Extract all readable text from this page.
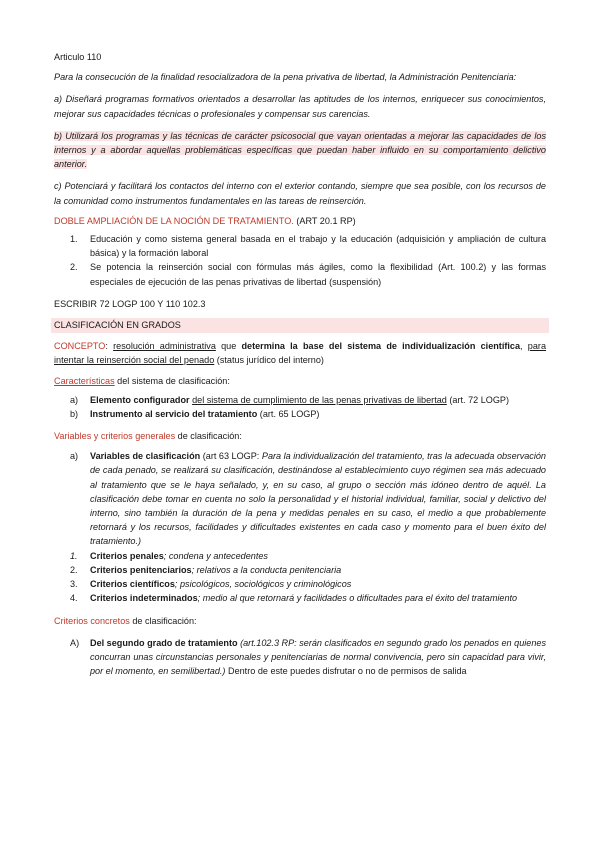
Articulo 110

Para la consecución de la finalidad resocializadora de la pena privativa de libertad, la Administración Penitenciaria:

a) Diseñará programas formativos orientados a desarrollar las aptitudes de los internos, enriquecer sus conocimientos, mejorar sus capacidades técnicas o profesionales y compensar sus carencias.

b) Utilizará los programas y las técnicas de carácter psicosocial que vayan orientadas a mejorar las capacidades de los internos y a abordar aquellas problemáticas específicas que puedan haber influido en su comportamiento delictivo anterior.

c) Potenciará y facilitará los contactos del interno con el exterior contando, siempre que sea posible, con los recursos de la comunidad como instrumentos fundamentales en las tareas de reinserción.

DOBLE AMPLIACIÓN DE LA NOCIÓN DE TRATAMIENTO. (ART 20.1 RP)

1.	Educación y como sistema general basada en el trabajo y la educación (adquisición y ampliación de cultura básica) y la formación laboral
2.	Se potencia la reinserción social con fórmulas más ágiles, como la flexibilidad (Art. 100.2) y las formas especiales de ejecución de las penas privativas de libertad (suspensión)

ESCRIBIR 72 LOGP 100 Y 110 102.3

CLASIFICACIÓN EN GRADOS

CONCEPTO: resolución administrativa que determina la base del sistema de individualización científica, para intentar la reinserción social del penado (status jurídico del interno)

Características del sistema de clasificación:

a)	Elemento configurador del sistema de cumplimiento de las penas privativas de libertad (art. 72 LOGP)
b)	Instrumento al servicio del tratamiento (art. 65 LOGP)

Variables y criterios generales de clasificación:

a)	Variables de clasificación (art 63 LOGP: Para la individualización del tratamiento, tras la adecuada observación de cada penado, se realizará su clasificación, destinándose al establecimiento cuyo régimen sea más adecuado al tratamiento que se le haya señalado, y, en su caso, al grupo o sección más idóneo dentro de aquél. La clasificación debe tomar en cuenta no solo la personalidad y el historial individual, familiar, social y delictivo del interno, sino también la duración de la pena y medidas penales en su caso, el medio a que probablemente retornará y los recursos, facilidades y dificultades existentes en cada caso y momento para el buen éxito del tratamiento.)
1.	Criterios penales; condena y antecedentes
2.	Criterios penitenciarios; relativos a la conducta penitenciaria
3.	Criterios científicos; psicológicos, sociológicos y criminológicos
4.	Criterios indeterminados; medio al que retornará y facilidades o dificultades para el éxito del tratamiento

Criterios concretos de clasificación:

A)	Del segundo grado de tratamiento (art.102.3 RP: serán clasificados en segundo grado los penados en quienes concurran unas circunstancias personales y penitenciarias de normal convivencia, pero sin capacidad para vivir, por el momento, en semilibertad.) Dentro de este puedes disfrutar o no de permisos de salida
